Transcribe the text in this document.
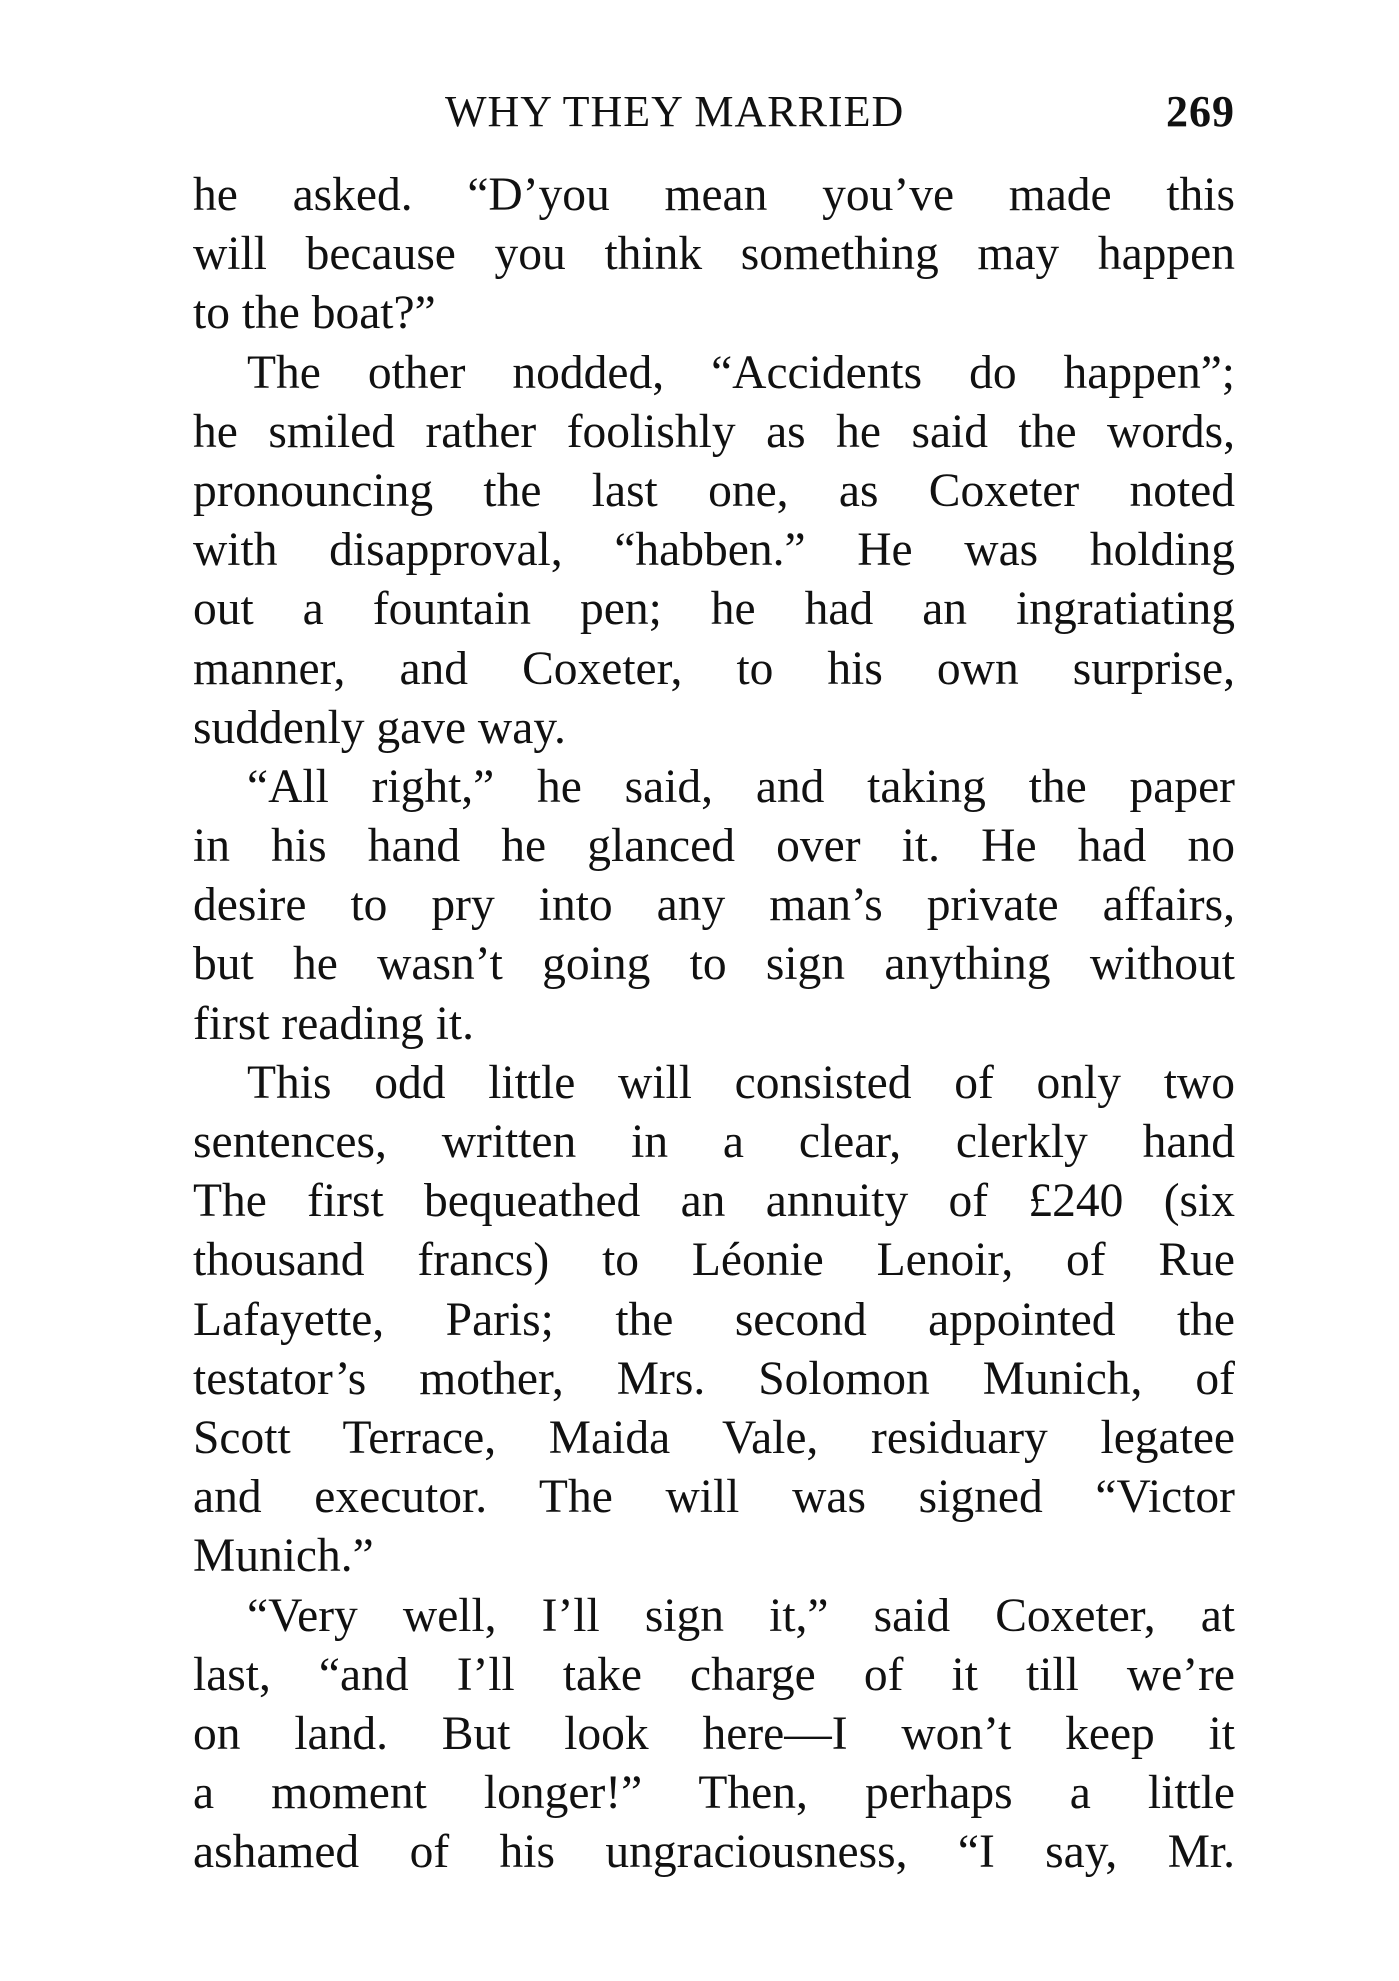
WHY THEY MARRIED	269
he asked. “D’you mean you’ve made this
will because you think something may happen
to the boat?”
The other nodded, “Accidents do happen”;
he smiled rather foolishly as he said the words,
pronouncing the last one, as Coxeter noted
with disapproval, “habben.” He was holding
out a fountain pen; he had an ingratiating
manner, and Coxeter, to his own surprise,
suddenly gave way.
“All right,” he said, and taking the paper
in his hand he glanced over it. He had no
desire to pry into any man’s private affairs,
but he wasn’t going to sign anything without
first reading it.
This odd little will consisted of only two
sentences, written in a clear, clerkly hand
The first bequeathed an annuity of £240 (six
thousand francs) to Léonie Lenoir, of Rue
Lafayette, Paris; the second appointed the
testator’s mother, Mrs. Solomon Munich, of
Scott Terrace, Maida Vale, residuary legatee
and executor. The will was signed “Victor
Munich.”
“Very well, I’ll sign it,” said Coxeter, at
last, “and I’ll take charge of it till we’re
on land. But look here—I won’t keep it
a moment longer!” Then, perhaps a little
ashamed of his ungraciousness, “I say, Mr.
